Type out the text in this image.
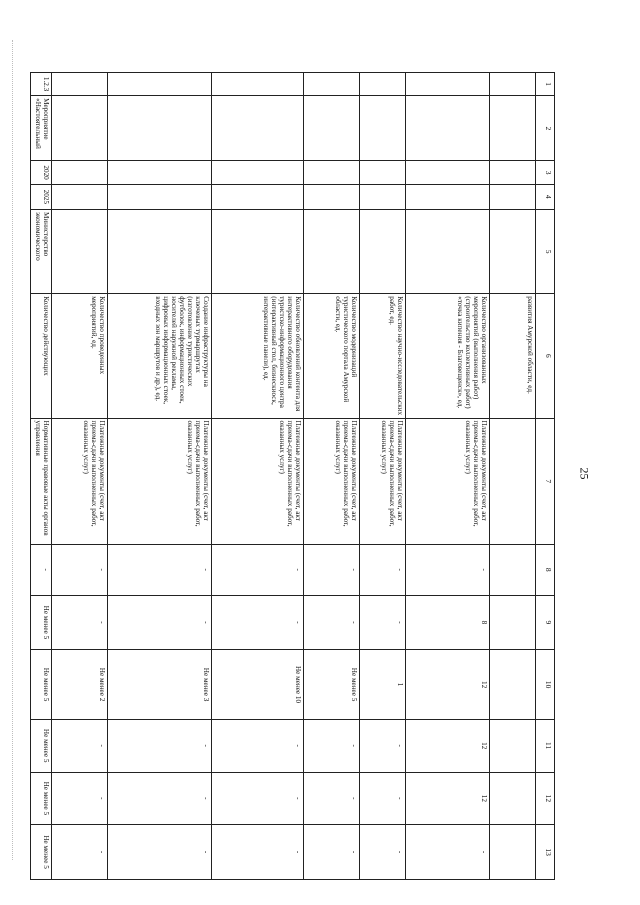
25
1	2	3	4	5	6	7	8	9	10	11	12	13
					развития Амурской области, ед.							
					Количество организованных мероприятий (выполнения работ) (строительство коллективных работ) «точка кипения - Благовещенск», ед.	Платежные документы (счет, акт приема-сдачи выполненных работ, оказанных услуг)	-	8	12	12	12	-
					Количество научно-исследовательских работ, ед.	Платежные документы (счет, акт приема-сдачи выполненных работ, оказанных услуг)	-	-	1	-	-	-
					Количество модернизаций туристического портала Амурской области, ед.	Платежные документы (счет, акт приема-сдачи выполненных работ, оказанных услуг)	-	-	Не менее 5	-	-	-
					Количество обновлений контента для интерактивного оборудования туристско-информационного центра (интерактивный стол, бизнескиоск, интерактивные панели), ед.	Платежные документы (счет, акт приема-сдачи выполненных работ, оказанных услуг)	-	-	Не менее 10	-	-	-
					Создание инфраструктуры на ключевых турмаршрутах (изготовление туристических футболок, информационных стоек, носителей наружной рекламы, цифровых информационных стоек, входных зон маршрутов и др.), ед.	Платежные документы (счет, акт приема-сдачи выполненных работ, оказанных услуг)	-	-	Не менее 3	-	-	-
					Количество проведенных мероприятий, ед.	Платежные документы (счет, акт приема-сдачи выполненных работ, оказанных услуг)	-	-	Не менее 2	-	-	-
1.2.3	Мероприятие «Настоятельный	2020	2025	Министерство экономического	Количество действующих	Нормативные правовые акты органов управления	-	Не менее 5	Не менее 5	Не менее 5	Не менее 5	Не менее 5
